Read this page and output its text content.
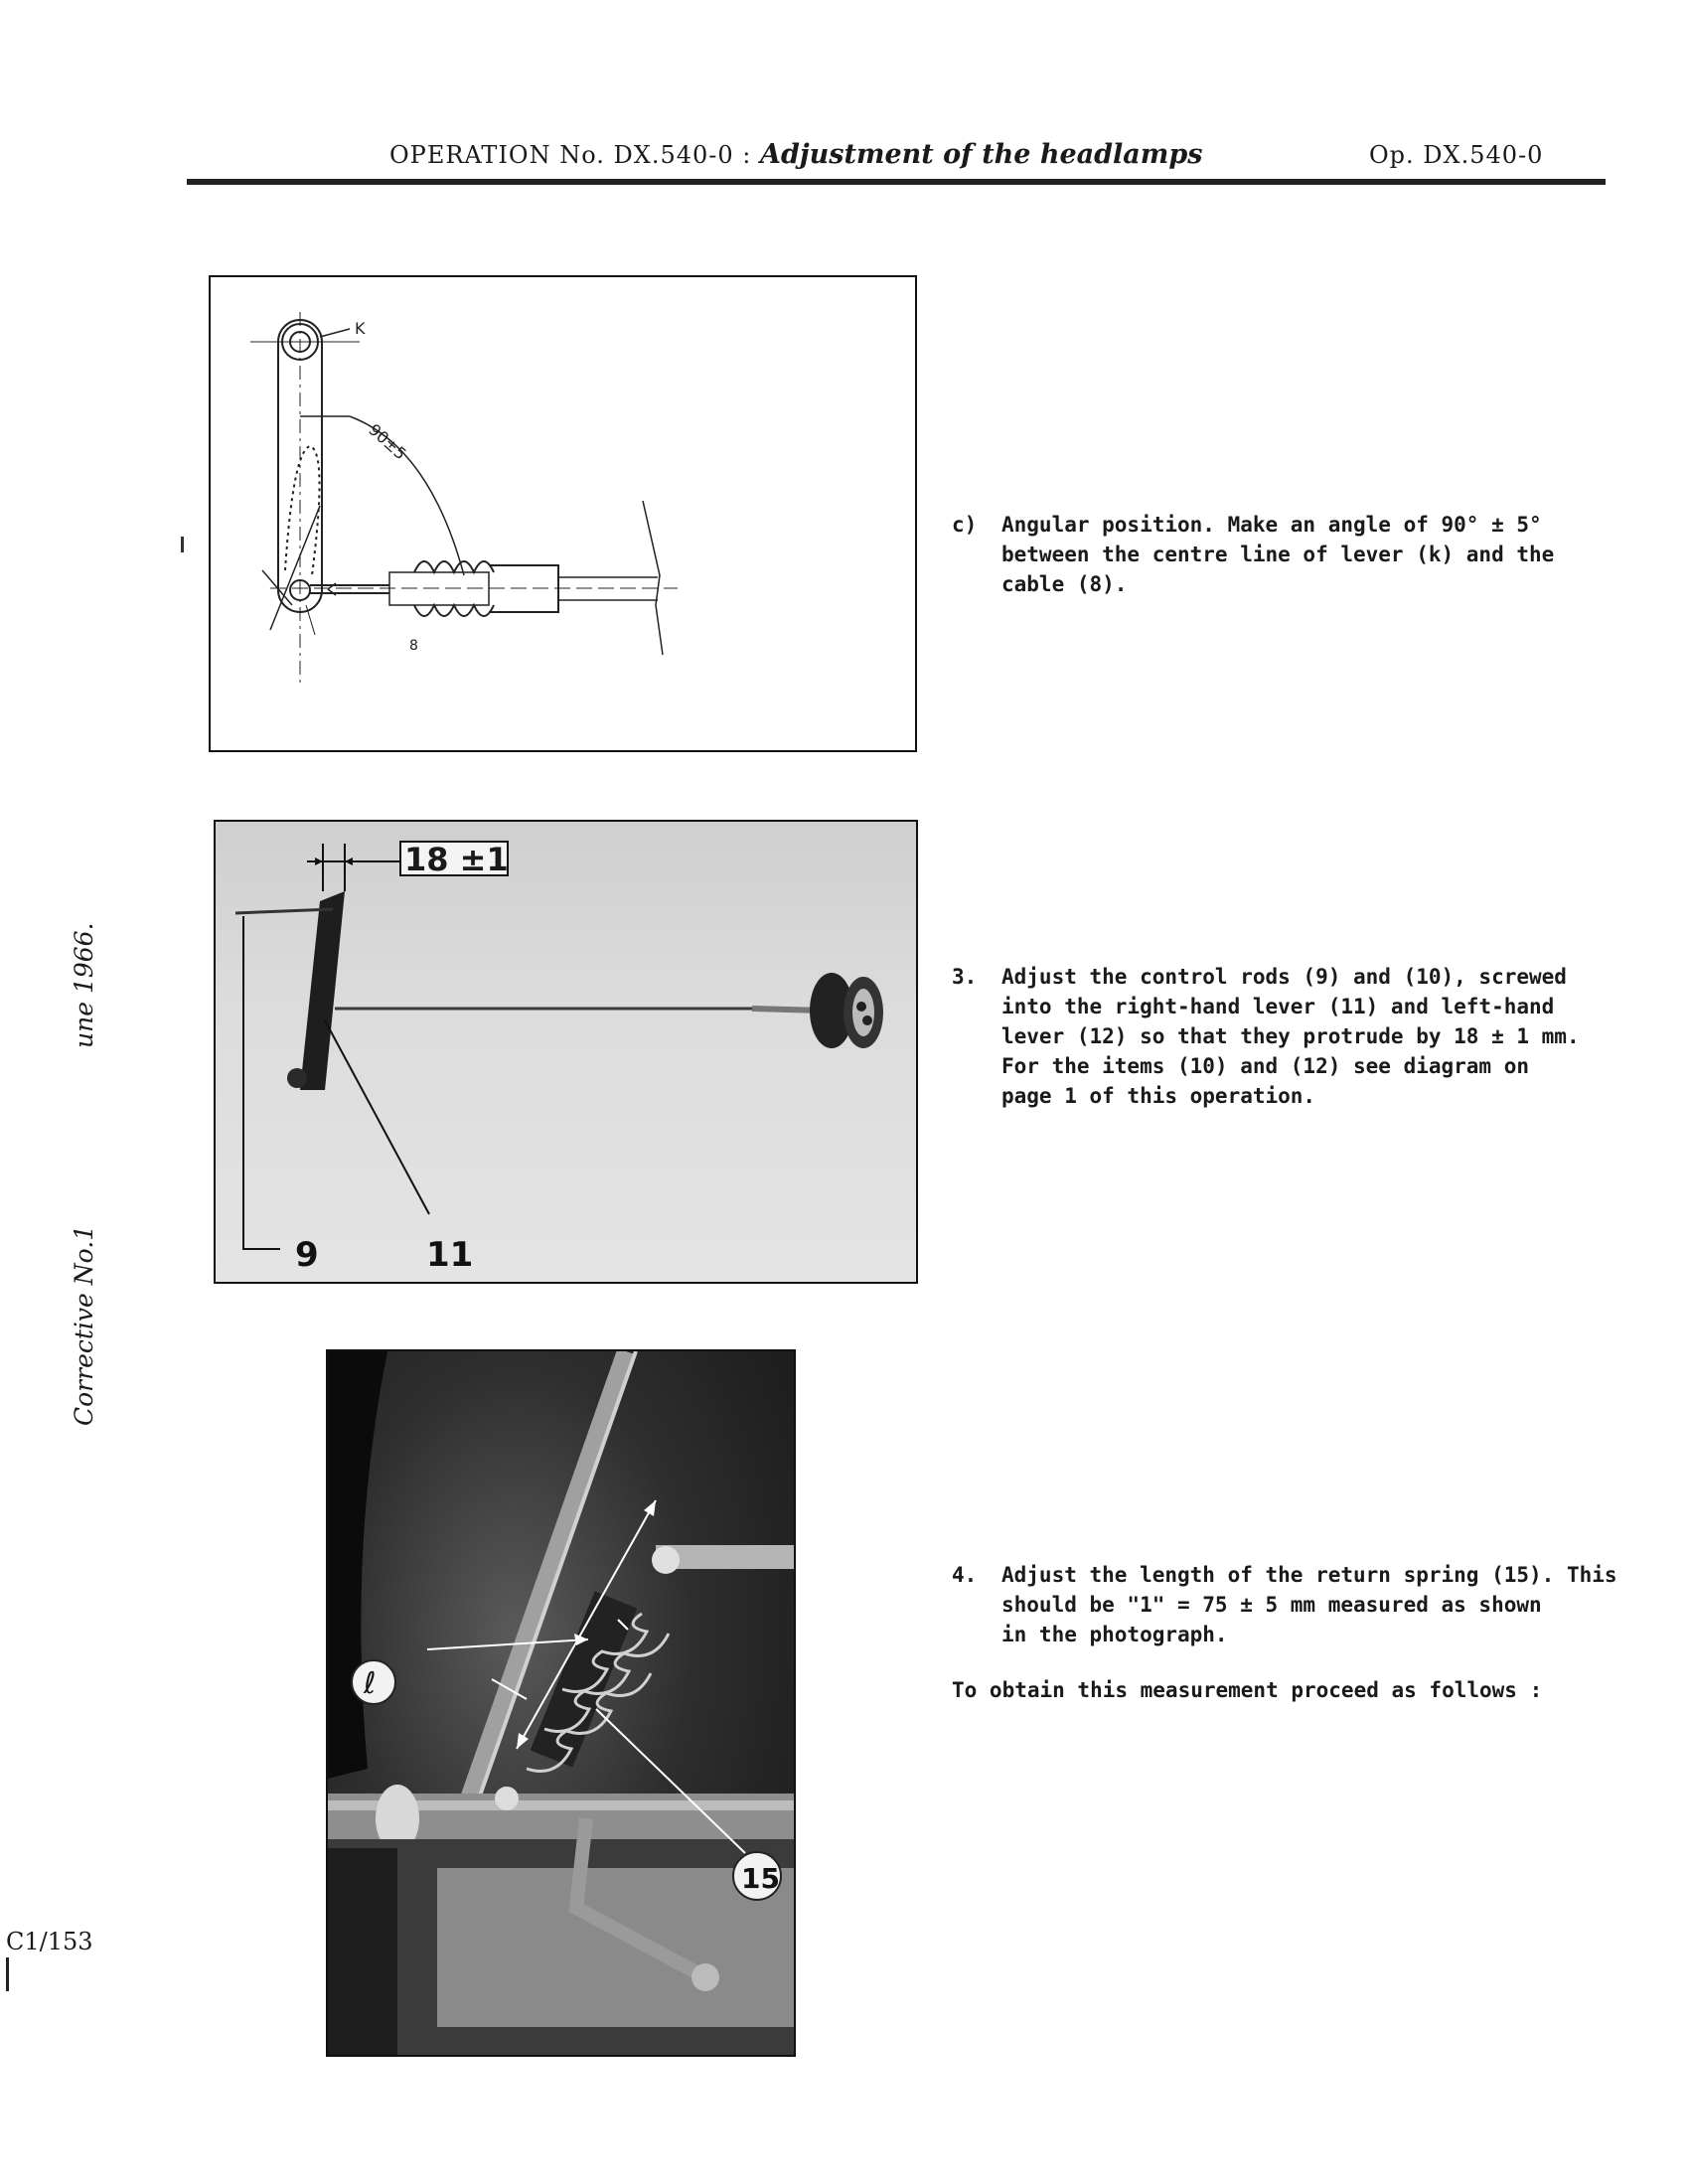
OPERATION No. DX.540-0 : Adjustment of the headlamps	Op. DX.540-0
une 1966.
Corrective No.1
C1/153
K
90±5
8
9	11
18 ±1
ℓ
15
c)	Angular position. Make an angle of 90° ± 5°
between the centre line of lever (k) and the
cable (8).
3.	Adjust the control rods (9) and (10), screwed
into the right-hand lever (11) and left-hand
lever (12) so that they protrude by 18 ± 1 mm.
For the items (10) and (12) see diagram on
page 1 of this operation.
4.	Adjust the length of the return spring (15). This
should be "1" = 75 ± 5 mm measured as shown
in the photograph.
To obtain this measurement proceed as follows :
